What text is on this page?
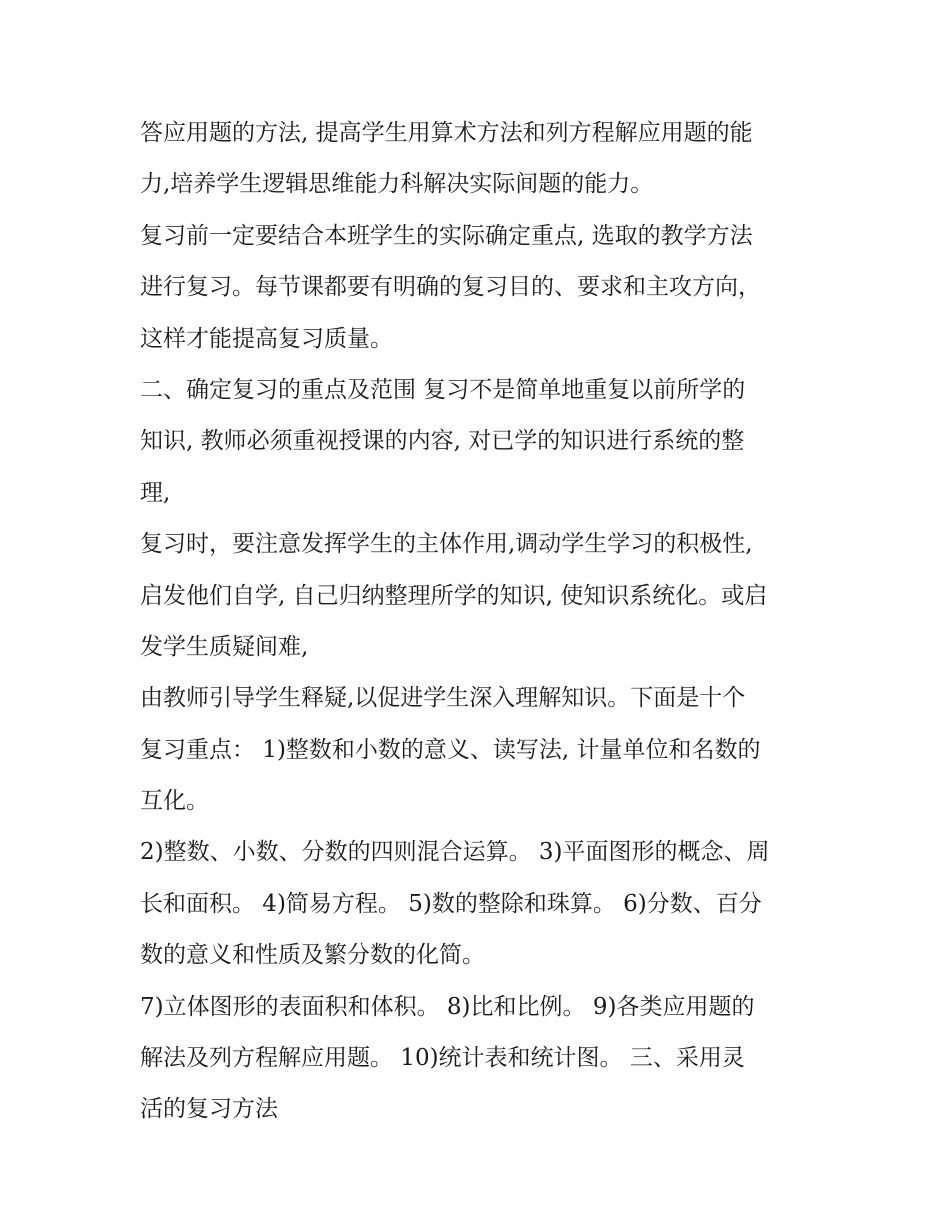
答应用题的方法, 提高学生用算术方法和列方程解应用题的能
力,培养学生逻辑思维能力科解决实际间题的能力。
复习前一定要结合本班学生的实际确定重点, 选取的教学方法
进行复习。每节课都要有明确的复习目的、要求和主攻方向，
这样才能提高复习质量。
二、确定复习的重点及范围 复习不是简单地重复以前所学的
知识, 教师必须重视授课的内容, 对已学的知识进行系统的整
理,
复习时，要注意发挥学生的主体作用,调动学生学习的积极性,
启发他们自学, 自己归纳整理所学的知识, 使知识系统化。或启
发学生质疑间难,
由教师引导学生释疑,以促进学生深入理解知识。下面是十个
复习重点： 1)整数和小数的意义、读写法, 计量单位和名数的
互化。
2)整数、小数、分数的四则混合运算。 3)平面图形的概念、周
长和面积。 4)简易方程。 5)数的整除和珠算。 6)分数、百分
数的意义和性质及繁分数的化简。
7)立体图形的表面积和体积。 8)比和比例。 9)各类应用题的
解法及列方程解应用题。 10)统计表和统计图。 三、采用灵
活的复习方法
